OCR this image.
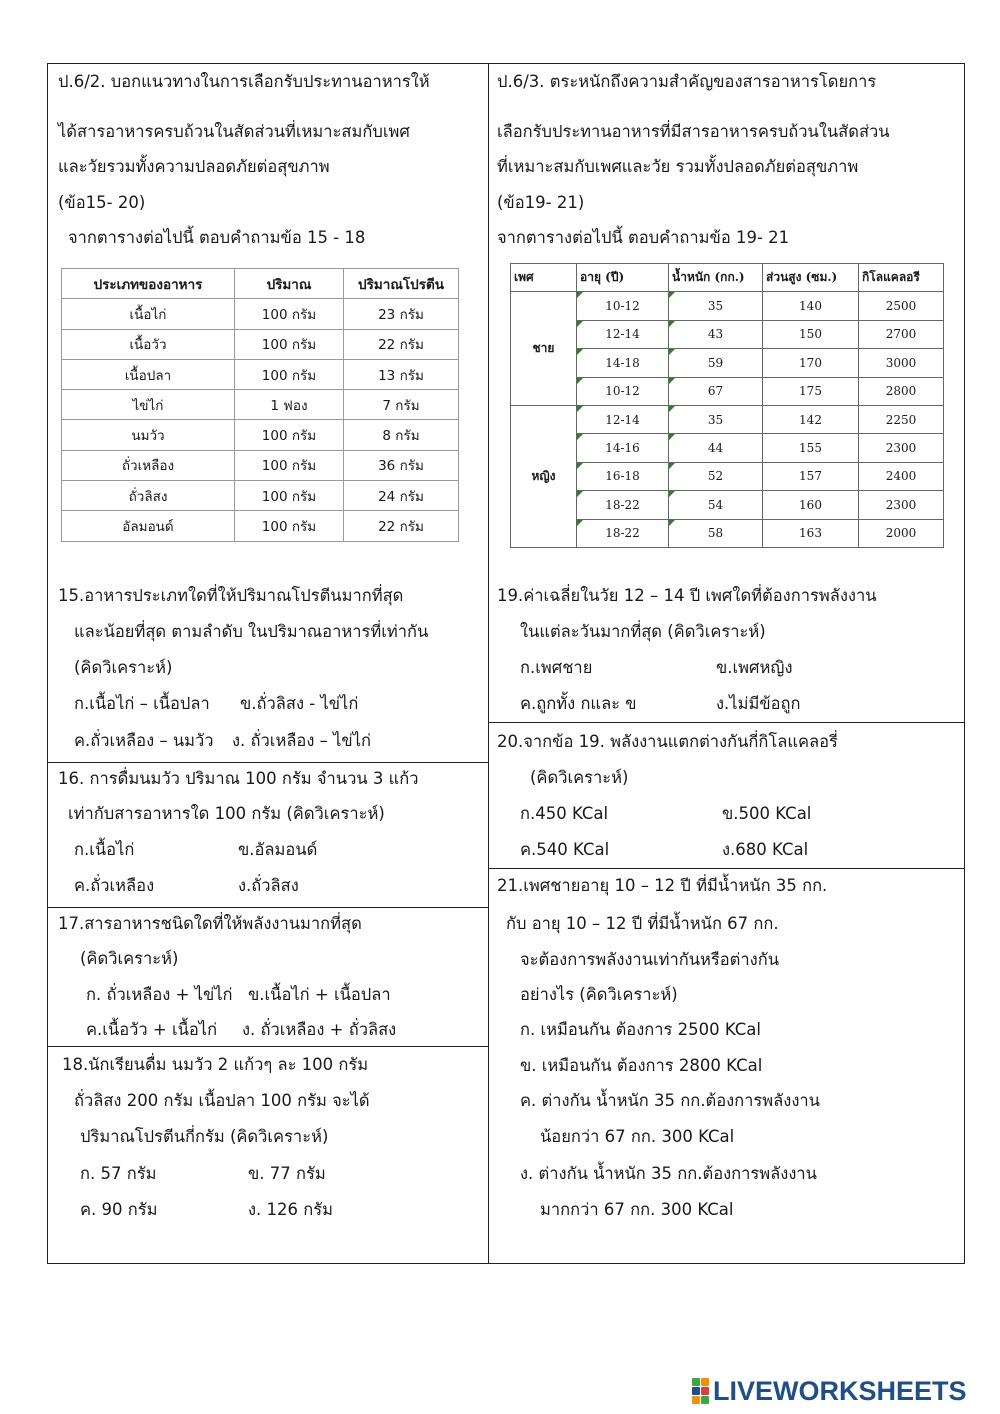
ป.6/2. บอกแนวทางในการเลือกรับประทานอาหารให้
ได้สารอาหารครบถ้วนในสัดส่วนที่เหมาะสมกับเพศ
และวัยรวมทั้งความปลอดภัยต่อสุขภาพ
(ข้อ15- 20)
จากตารางต่อไปนี้ ตอบคำถามข้อ 15 - 18
ประเภทของอาหาร	ปริมาณ	ปริมาณโปรตีน
เนื้อไก่	100 กรัม	23 กรัม
เนื้อวัว	100 กรัม	22 กรัม
เนื้อปลา	100 กรัม	13 กรัม
ไข่ไก่	1 ฟอง	7 กรัม
นมวัว	100 กรัม	8 กรัม
ถั่วเหลือง	100 กรัม	36 กรัม
ถั่วลิสง	100 กรัม	24 กรัม
อัลมอนด์	100 กรัม	22 กรัม
15.อาหารประเภทใดที่ให้ปริมาณโปรตีนมากที่สุด
และน้อยที่สุด ตามลำดับ ในปริมาณอาหารที่เท่ากัน
(คิดวิเคราะห์)
ก.เนื้อไก่ – เนื้อปลา ข.ถั่วลิสง - ไข่ไก่
ค.ถั่วเหลือง – นมวัว ง. ถั่วเหลือง – ไข่ไก่
16. การดื่มนมวัว ปริมาณ 100 กรัม จำนวน 3 แก้ว
เท่ากับสารอาหารใด 100 กรัม (คิดวิเคราะห์)
ก.เนื้อไก่	ข.อัลมอนด์
ค.ถั่วเหลือง	ง.ถั่วลิสง
17.สารอาหารชนิดใดที่ให้พลังงานมากที่สุด
(คิดวิเคราะห์)
ก. ถั่วเหลือง + ไข่ไก่ ข.เนื้อไก่ + เนื้อปลา
ค.เนื้อวัว + เนื้อไก่ ง. ถั่วเหลือง + ถั่วลิสง
18.นักเรียนดื่ม นมวัว 2 แก้วๆ ละ 100 กรัม
ถั่วลิสง 200 กรัม เนื้อปลา 100 กรัม จะได้
ปริมาณโปรตีนกี่กรัม (คิดวิเคราะห์)
ก. 57 กรัม	ข. 77 กรัม
ค. 90 กรัม	ง. 126 กรัม
ป.6/3. ตระหนักถึงความสำคัญของสารอาหารโดยการ
เลือกรับประทานอาหารที่มีสารอาหารครบถ้วนในสัดส่วน
ที่เหมาะสมกับเพศและวัย รวมทั้งปลอดภัยต่อสุขภาพ
(ข้อ19- 21)
จากตารางต่อไปนี้ ตอบคำถามข้อ 19- 21
เพศ	อายุ (ปี)	น้ำหนัก (กก.)	ส่วนสูง (ซม.)	กิโลแคลอรี
ชาย	10-12	35	140	2500
	12-14	43	150	2700
	14-18	59	170	3000
	10-12	67	175	2800
หญิง	12-14	35	142	2250
	14-16	44	155	2300
	16-18	52	157	2400
	18-22	54	160	2300
	18-22	58	163	2000
19.ค่าเฉลี่ยในวัย 12 – 14 ปี เพศใดที่ต้องการพลังงาน
ในแต่ละวันมากที่สุด (คิดวิเคราะห์)
ก.เพศชาย	ข.เพศหญิง
ค.ถูกทั้ง กและ ข	ง.ไม่มีข้อถูก
20.จากข้อ 19. พลังงานแตกต่างกันกี่กิโลแคลอรี่
(คิดวิเคราะห์)
ก.450 KCal	ข.500 KCal
ค.540 KCal	ง.680 KCal
21.เพศชายอายุ 10 – 12 ปี ที่มีน้ำหนัก 35 กก.
กับ อายุ 10 – 12 ปี ที่มีน้ำหนัก 67 กก.
จะต้องการพลังงานเท่ากันหรือต่างกัน
อย่างไร (คิดวิเคราะห์)
ก. เหมือนกัน ต้องการ 2500 KCal
ข. เหมือนกัน ต้องการ 2800 KCal
ค. ต่างกัน น้ำหนัก 35 กก.ต้องการพลังงาน
น้อยกว่า 67 กก. 300 KCal
ง. ต่างกัน น้ำหนัก 35 กก.ต้องการพลังงาน
มากกว่า 67 กก. 300 KCal
LIVEWORKSHEETS
